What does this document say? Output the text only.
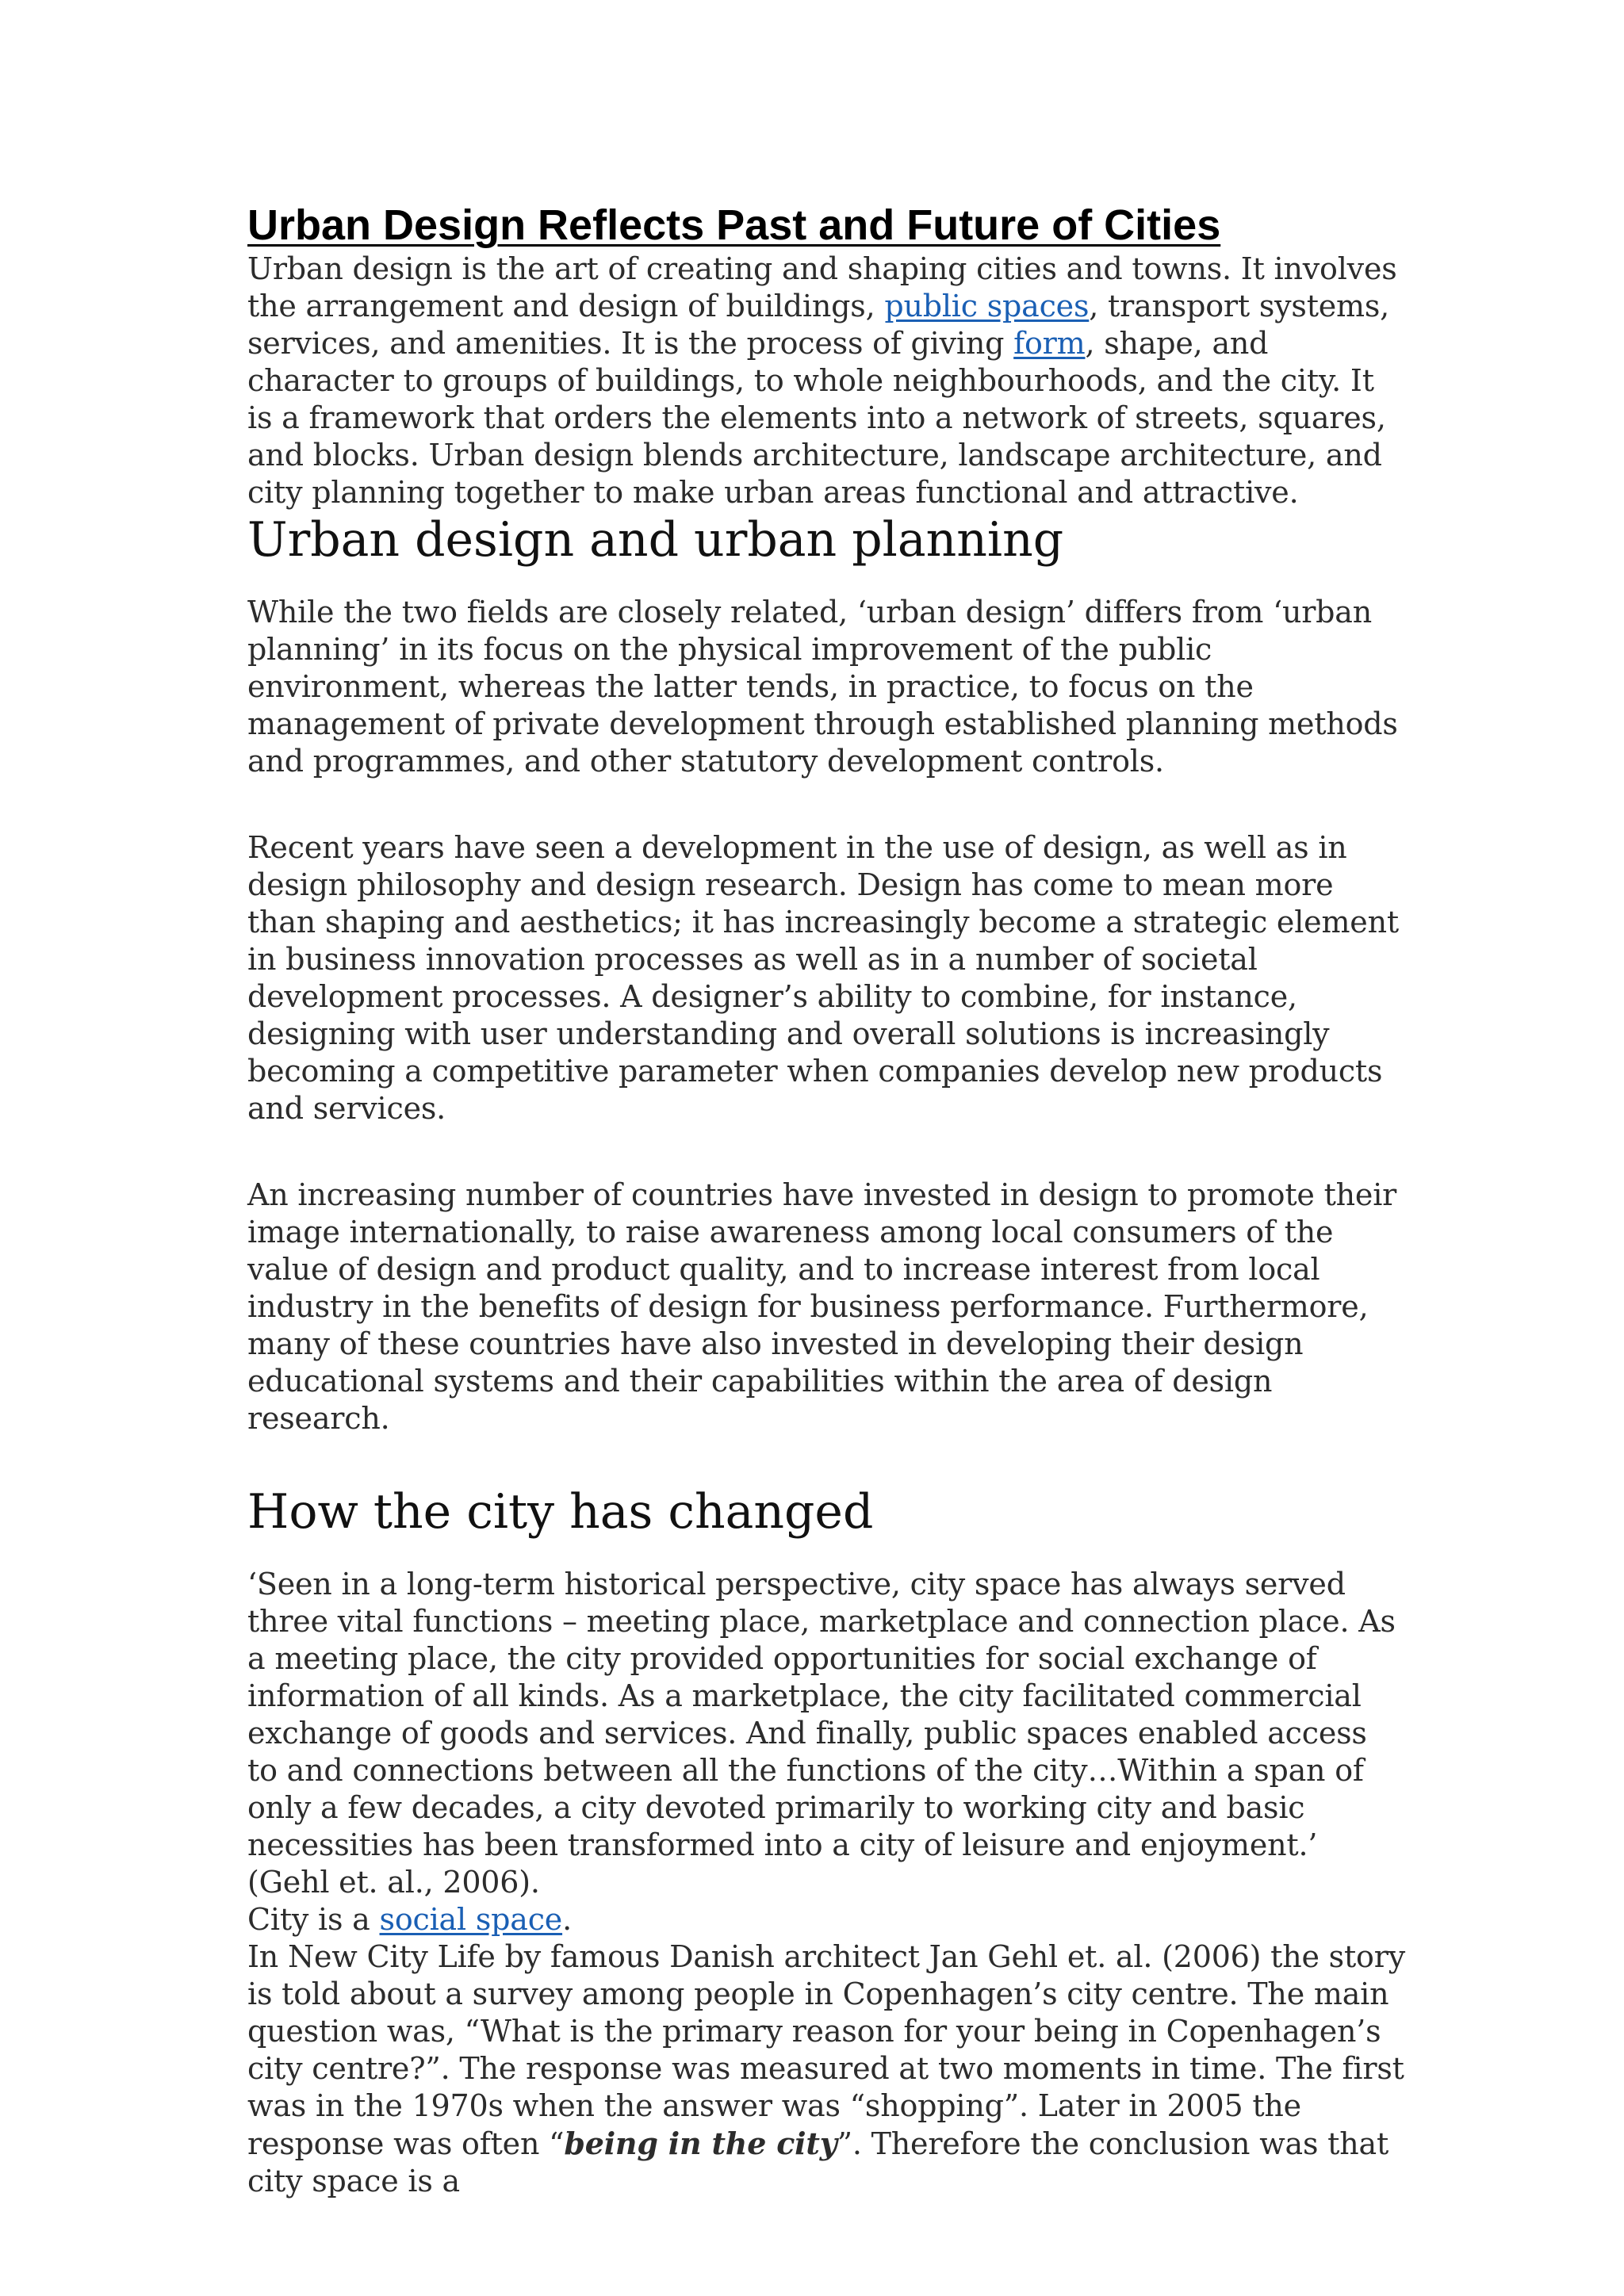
Urban Design Reflects Past and Future of Cities

Urban design is the art of creating and shaping cities and towns. It involves the arrangement and design of buildings, public spaces, transport systems, services, and amenities. It is the process of giving form, shape, and character to groups of buildings, to whole neighbourhoods, and the city. It is a framework that orders the elements into a network of streets, squares, and blocks. Urban design blends architecture, landscape architecture, and city planning together to make urban areas functional and attractive.

Urban design and urban planning

While the two fields are closely related, ‘urban design’ differs from ‘urban planning’ in its focus on the physical improvement of the public environment, whereas the latter tends, in practice, to focus on the management of private development through established planning methods and programmes, and other statutory development controls.

Recent years have seen a development in the use of design, as well as in design philosophy and design research. Design has come to mean more than shaping and aesthetics; it has increasingly become a strategic element in business innovation processes as well as in a number of societal development processes. A designer’s ability to combine, for instance, designing with user understanding and overall solutions is increasingly becoming a competitive parameter when companies develop new products and services.

An increasing number of countries have invested in design to promote their image internationally, to raise awareness among local consumers of the value of design and product quality, and to increase interest from local industry in the benefits of design for business performance. Furthermore, many of these countries have also invested in developing their design educational systems and their capabilities within the area of design research.

How the city has changed

‘Seen in a long-term historical perspective, city space has always served three vital functions – meeting place, marketplace and connection place. As a meeting place, the city provided opportunities for social exchange of information of all kinds. As a marketplace, the city facilitated commercial exchange of goods and services. And finally, public spaces enabled access to and connections between all the functions of the city…Within a span of only a few decades, a city devoted primarily to working city and basic necessities has been transformed into a city of leisure and enjoyment.’ (Gehl et. al., 2006).

City is a social space.

In New City Life by famous Danish architect Jan Gehl et. al. (2006) the story is told about a survey among people in Copenhagen’s city centre. The main question was, “What is the primary reason for your being in Copenhagen’s city centre?”. The response was measured at two moments in time. The first was in the 1970s when the answer was “shopping”. Later in 2005 the response was often “being in the city”. Therefore the conclusion was that city space is a
